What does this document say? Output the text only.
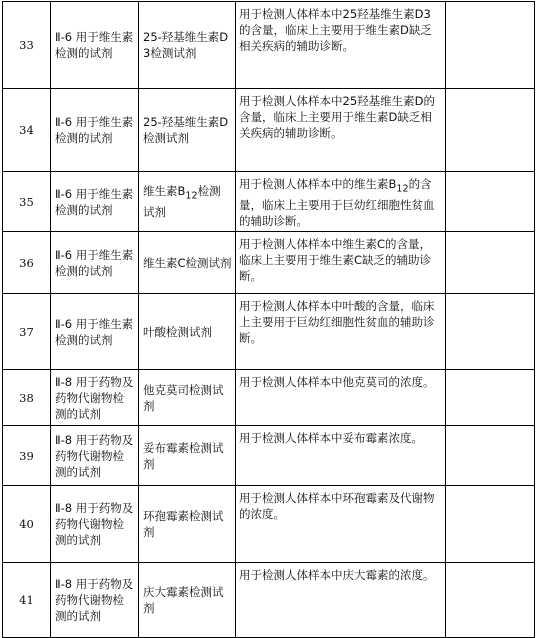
33	Ⅱ-6 用于维生素检测的试剂	25-羟基维生素D3检测试剂	用于检测人体样本中25羟基维生素D3的含量，临床上主要用于维生素D缺乏相关疾病的辅助诊断。	
34	Ⅱ-6 用于维生素检测的试剂	25-羟基维生素D检测试剂	用于检测人体样本中25羟基维生素D的含量，临床上主要用于维生素D缺乏相关疾病的辅助诊断。	
35	Ⅱ-6 用于维生素检测的试剂	维生素$B_{12}$检测试剂	用于检测人体样本中的维生素$B_{12}$的含量，临床上主要用于巨幼红细胞性贫血的辅助诊断。	
36	Ⅱ-6 用于维生素检测的试剂	维生素C检测试剂	用于检测人体样本中维生素C的含量，临床上主要用于维生素C缺乏的辅助诊断。	
37	Ⅱ-6 用于维生素检测的试剂	叶酸检测试剂	用于检测人体样本中叶酸的含量，临床上主要用于巨幼红细胞性贫血的辅助诊断。	
38	Ⅱ-8 用于药物及药物代谢物检测的试剂	他克莫司检测试剂	用于检测人体样本中他克莫司的浓度。	
39	Ⅱ-8 用于药物及药物代谢物检测的试剂	妥布霉素检测试剂	用于检测人体样本中妥布霉素浓度。	
40	Ⅱ-8 用于药物及药物代谢物检测的试剂	环孢霉素检测试剂	用于检测人体样本中环孢霉素及代谢物的浓度。	
41	Ⅱ-8 用于药物及药物代谢物检测的试剂	庆大霉素检测试剂	用于检测人体样本中庆大霉素的浓度。	
